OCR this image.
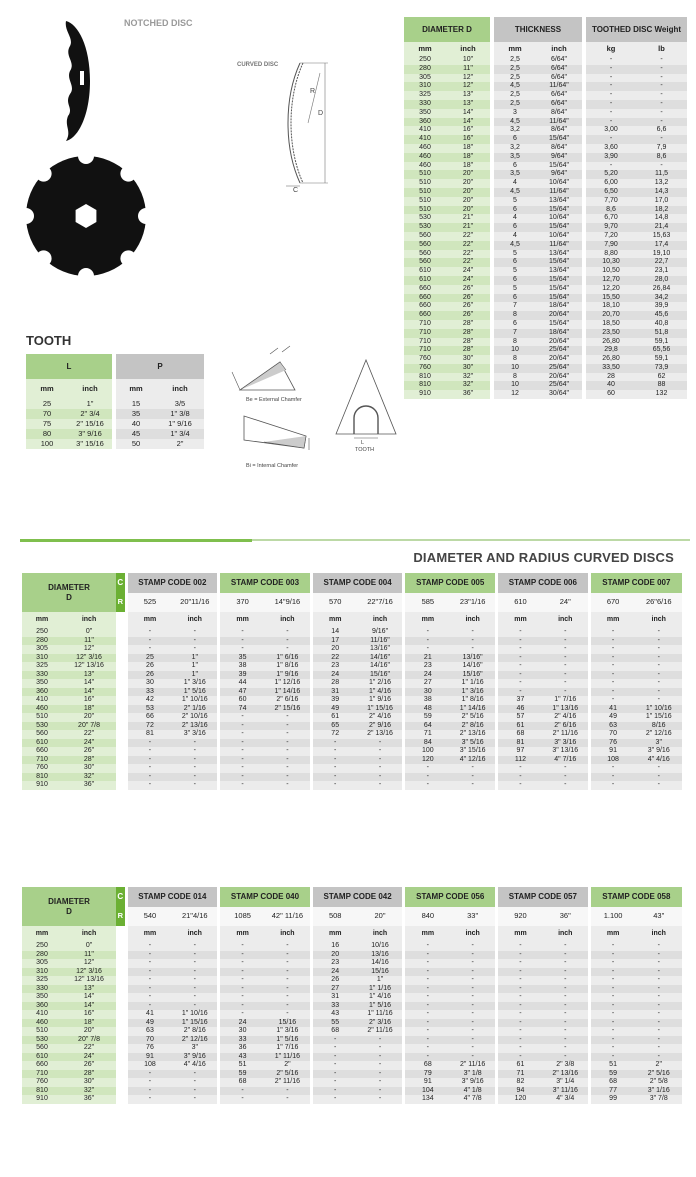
NOTCHED DISC
CURVED DISC
R
D
C
DIAMETER D		THICKNESS		TOOTHED DISC Weight	
mm	inch	mm	inch	kg	lb
250	10"	2,5	6/64"	-	-
280	11"	2,5	6/64"	-	-
305	12"	2,5	6/64"	-	-
310	12"	4,5	11/64"	-	-
325	13"	2,5	6/64"	-	-
330	13"	2,5	6/64"	-	-
350	14"	3	8/64"	-	-
360	14"	4,5	11/64"	-	-
410	16"	3,2	8/64"	3,00	6,6
410	16"	6	15/64"	-	-
460	18"	3,2	8/64"	3,60	7,9
460	18"	3,5	9/64"	3,90	8,6
460	18"	6	15/64"	-	-
510	20"	3,5	9/64"	5,20	11,5
510	20"	4	10/64"	6,00	13,2
510	20"	4,5	11/64"	6,50	14,3
510	20"	5	13/64"	7,70	17,0
510	20"	6	15/64"	8,6	18,2
530	21"	4	10/64"	6,70	14,8
530	21"	6	15/64"	9,70	21,4
560	22"	4	10/64"	7,20	15,63
560	22"	4,5	11/64"	7,90	17,4
560	22"	5	13/64"	8,80	19,10
560	22"	6	15/64"	10,30	22,7
610	24"	5	13/64"	10,50	23,1
610	24"	6	15/64"	12,70	28,0
660	26"	5	15/64"	12,20	26,84
660	26"	6	15/64"	15,50	34,2
660	26"	7	18/64"	18,10	39,9
660	26"	8	20/64"	20,70	45,6
710	28"	6	15/64"	18,50	40,8
710	28"	7	18/64"	23,50	51,8
710	28"	8	20/64"	26,80	59,1
710	28"	10	25/64"	29,8	65,56
760	30"	8	20/64"	26,80	59,1
760	30"	10	25/64"	33,50	73,9
810	32"	8	20/64"	28	62
810	32"	10	25/64"	40	88
910	36"	12	30/64"	60	132
TOOTH
L		P	
mm	inch	mm	inch
25	1"	15	3/5
70	2" 3/4	35	1" 3/8
75	2" 15/16	40	1" 9/16
80	3" 9/16	45	1" 3/4
100	3" 15/16	50	2"
Be = External Chamfer
Bi = Internal Chamfer
L
TOOTH
DIAMETER AND RADIUS CURVED DISCS
DIAMETER
D		C	STAMP CODE 002		STAMP CODE 003		STAMP CODE 004		STAMP CODE 005		STAMP CODE 006		STAMP CODE 007	
		R	525	20"11/16	370	14"9/16	570	22"7/16	585	23"1/16	610	24"	670	26"6/16
mm	inch		mm	inch	mm	inch	mm	inch	mm	inch	mm	inch	mm	inch
250	0"		-	-	-	-	14	9/16"	-	-	-	-	-	-
280	11"		-	-	-	-	17	11/16"	-	-	-	-	-	-
305	12"		-	-	-	-	20	13/16"	-	-	-	-	-	-
310	12" 3/16		25	1"	35	1" 6/16	22	14/16"	21	13/16"	-	-	-	-
325	12" 13/16		26	1"	38	1" 8/16	23	14/16"	23	14/16"	-	-	-	-
330	13"		26	1"	39	1" 9/16	24	15/16"	24	15/16"	-	-	-	-
350	14"		30	1" 3/16	44	1" 12/16	28	1" 2/16	27	1" 1/16	-	-	-	-
360	14"		33	1" 5/16	47	1" 14/16	31	1" 4/16	30	1" 3/16	-	-	-	-
410	16"		42	1" 10/16	60	2" 6/16	39	1" 9/16	38	1" 8/16	37	1" 7/16	-	-
460	18"		53	2" 1/16	74	2" 15/16	49	1" 15/16	48	1" 14/16	46	1" 13/16	41	1" 10/16
510	20"		66	2" 10/16	-	-	61	2" 4/16	59	2" 5/16	57	2" 4/16	49	1" 15/16
530	20" 7/8		72	2" 13/16	-	-	65	2" 9/16	64	2" 8/16	61	2" 6/16	63	8/16
560	22"		81	3" 3/16	-	-	72	2" 13/16	71	2" 13/16	68	2" 11/16	70	2" 12/16
610	24"		-	-	-	-	-	-	84	3" 5/16	81	3" 3/16	76	3"
660	26"		-	-	-	-	-	-	100	3" 15/16	97	3" 13/16	91	3" 9/16
710	28"		-	-	-	-	-	-	120	4" 12/16	112	4" 7/16	108	4" 4/16
760	30"		-	-	-	-	-	-	-	-	-	-	-	-
810	32"		-	-	-	-	-	-	-	-	-	-	-	-
910	36"		-	-	-	-	-	-	-	-	-	-	-	-
DIAMETER
D		C	STAMP CODE 014		STAMP CODE 040		STAMP CODE 042		STAMP CODE 056		STAMP CODE 057		STAMP CODE 058	
		R	540	21"4/16	1085	42" 11/16	508	20"	840	33"	920	36"	1.100	43"
mm	inch		mm	inch	mm	inch	mm	inch	mm	inch	mm	inch	mm	inch
250	0"		-	-	-	-	16	10/16	-	-	-	-	-	-
280	11"		-	-	-	-	20	13/16	-	-	-	-	-	-
305	12"		-	-	-	-	23	14/16	-	-	-	-	-	-
310	12" 3/16		-	-	-	-	24	15/16	-	-	-	-	-	-
325	12" 13/16		-	-	-	-	26	1"	-	-	-	-	-	-
330	13"		-	-	-	-	27	1" 1/16	-	-	-	-	-	-
350	14"		-	-	-	-	31	1" 4/16	-	-	-	-	-	-
360	14"		-	-	-	-	33	1" 5/16	-	-	-	-	-	-
410	16"		41	1" 10/16	-	-	43	1" 11/16	-	-	-	-	-	-
460	18"		49	1" 15/16	24	15/16	55	2" 3/16	-	-	-	-	-	-
510	20"		63	2" 8/16	30	1" 3/16	68	2" 11/16	-	-	-	-	-	-
530	20" 7/8		70	2" 12/16	33	1" 5/16	-	-	-	-	-	-	-	-
560	22"		76	3"	36	1" 7/16	-	-	-	-	-	-	-	-
610	24"		91	3" 9/16	43	1" 11/16	-	-	-	-	-	-	-	-
660	26"		108	4" 4/16	51	2"	-	-	68	2" 11/16	61	2" 3/8	51	2"
710	28"		-	-	59	2" 5/16	-	-	79	3" 1/8	71	2" 13/16	59	2" 5/16
760	30"		-	-	68	2" 11/16	-	-	91	3" 9/16	82	3" 1/4	68	2" 5/8
810	32"		-	-	-	-	-	-	104	4" 1/8	94	3" 11/16	77	3" 1/16
910	36"		-	-	-	-	-	-	134	4" 7/8	120	4" 3/4	99	3" 7/8
